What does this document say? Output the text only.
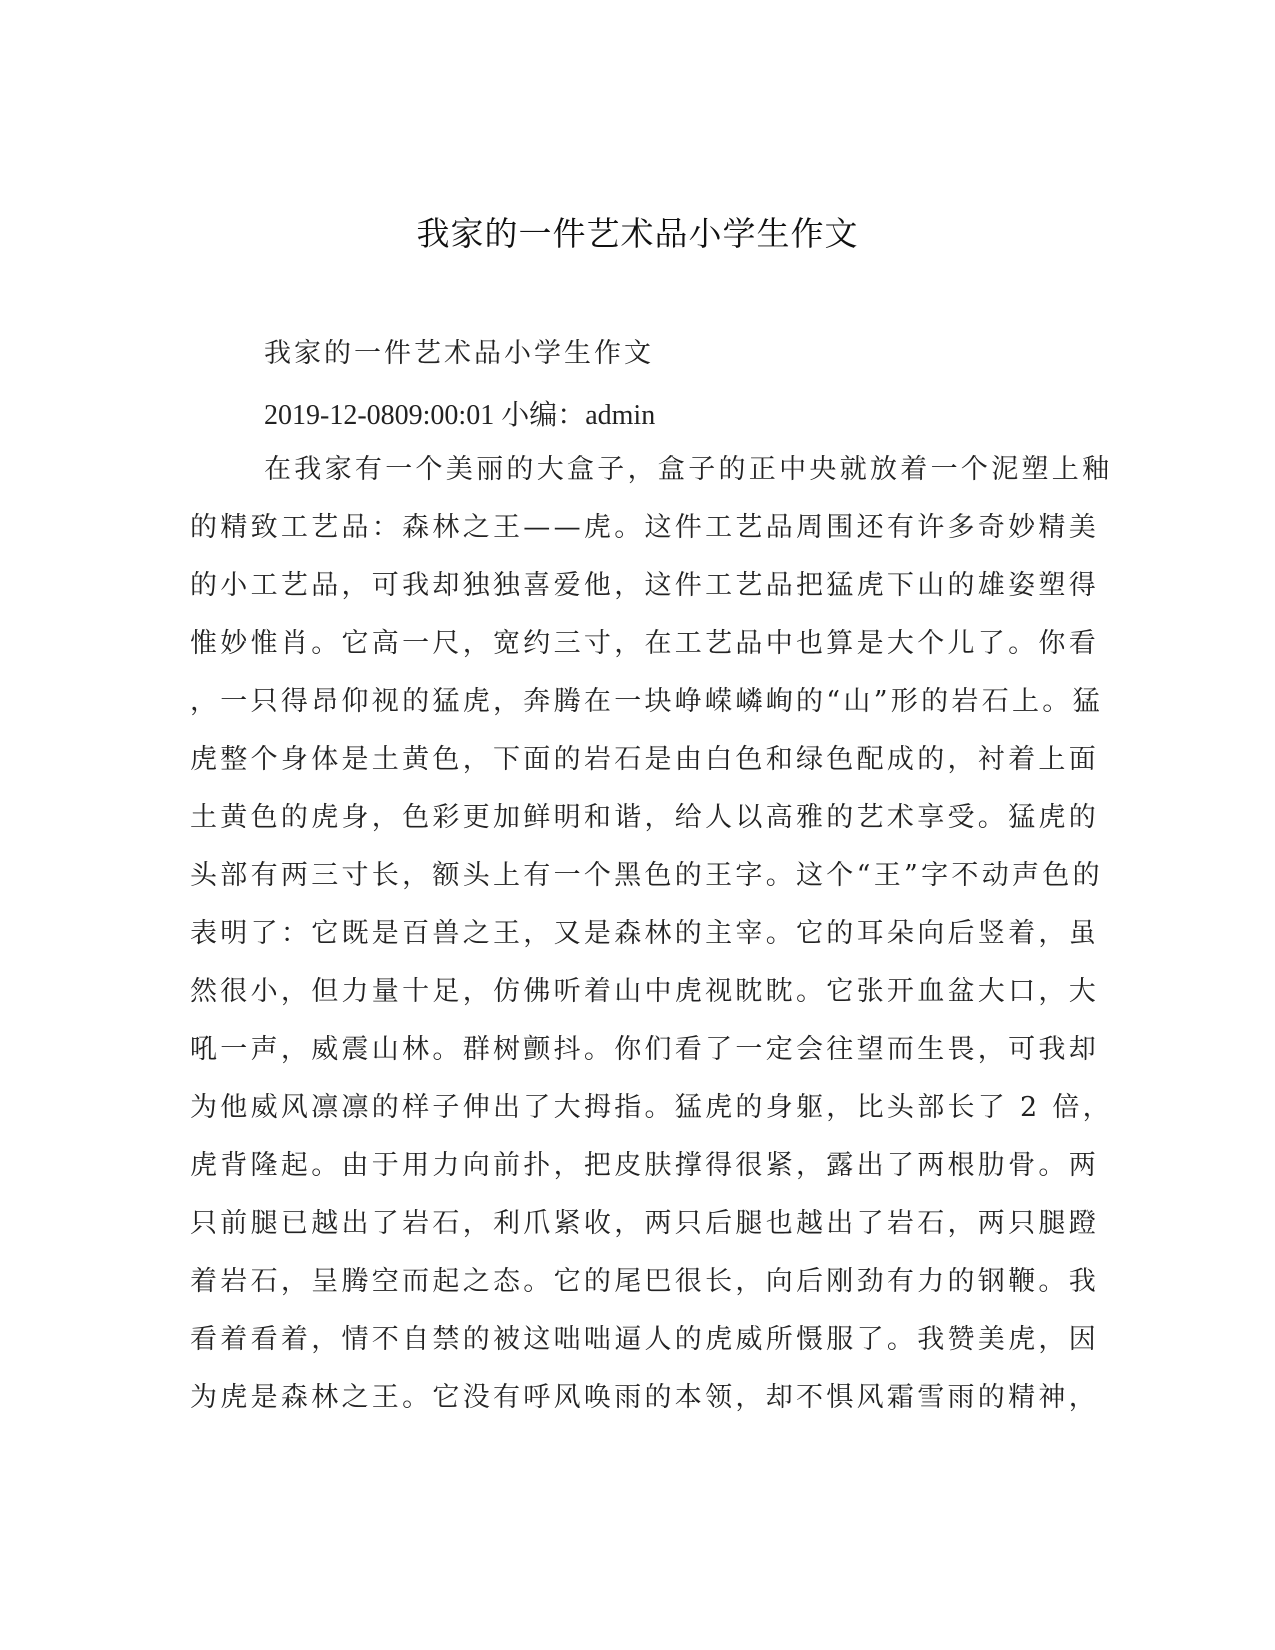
我家的一件艺术品小学生作文

我家的一件艺术品小学生作文

2019-12-0809:00:01 小编：admin

在我家有一个美丽的大盒子，盒子的正中央就放着一个泥塑上釉
的精致工艺品：森林之王——虎。这件工艺品周围还有许多奇妙精美
的小工艺品，可我却独独喜爱他，这件工艺品把猛虎下山的雄姿塑得
惟妙惟肖。它高一尺，宽约三寸，在工艺品中也算是大个儿了。你看
，一只得昂仰视的猛虎，奔腾在一块峥嵘嶙峋的“山”形的岩石上。猛
虎整个身体是土黄色，下面的岩石是由白色和绿色配成的，衬着上面
土黄色的虎身，色彩更加鲜明和谐，给人以高雅的艺术享受。猛虎的
头部有两三寸长，额头上有一个黑色的王字。这个“王”字不动声色的
表明了：它既是百兽之王，又是森林的主宰。它的耳朵向后竖着，虽
然很小，但力量十足，仿佛听着山中虎视眈眈。它张开血盆大口，大
吼一声，威震山林。群树颤抖。你们看了一定会往望而生畏，可我却
为他威风凛凛的样子伸出了大拇指。猛虎的身躯，比头部长了 2 倍，
虎背隆起。由于用力向前扑，把皮肤撑得很紧，露出了两根肋骨。两
只前腿已越出了岩石，利爪紧收，两只后腿也越出了岩石，两只腿蹬
着岩石，呈腾空而起之态。它的尾巴很长，向后刚劲有力的钢鞭。我
看着看着，情不自禁的被这咄咄逼人的虎威所慑服了。我赞美虎，因
为虎是森林之王。它没有呼风唤雨的本领，却不惧风霜雪雨的精神，
